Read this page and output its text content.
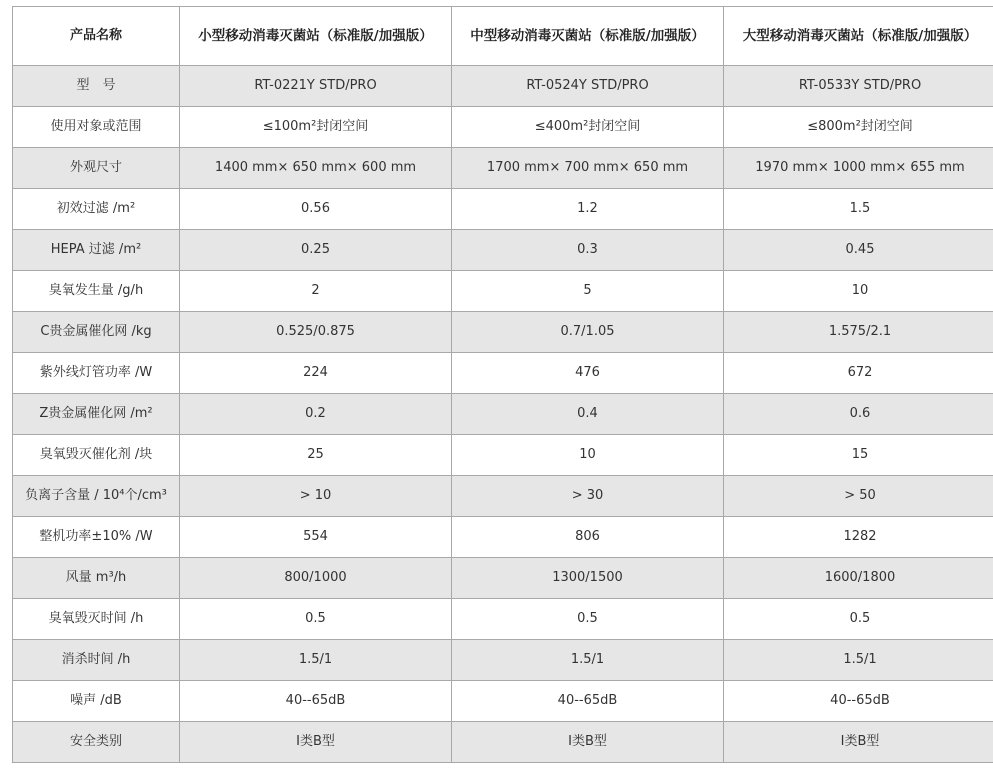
产品名称	小型移动消毒灭菌站（标准版/加强版）	中型移动消毒灭菌站（标准版/加强版）	大型移动消毒灭菌站（标准版/加强版）
型　号	RT-0221Y STD/PRO	RT-0524Y STD/PRO	RT-0533Y STD/PRO
使用对象或范围	≤100m²封闭空间	≤400m²封闭空间	≤800m²封闭空间
外观尺寸	1400 mm× 650 mm× 600 mm	1700 mm× 700 mm× 650 mm	1970 mm× 1000 mm× 655 mm
初效过滤 /m²	0.56	1.2	1.5
HEPA 过滤 /m²	0.25	0.3	0.45
臭氧发生量 /g/h	2	5	10
C贵金属催化网 /kg	0.525/0.875	0.7/1.05	1.575/2.1
紫外线灯管功率 /W	224	476	672
Z贵金属催化网 /m²	0.2	0.4	0.6
臭氧毁灭催化剂 /块	25	10	15
负离子含量 / 10⁴个/cm³	> 10	> 30	> 50
整机功率±10% /W	554	806	1282
风量 m³/h	800/1000	1300/1500	1600/1800
臭氧毁灭时间 /h	0.5	0.5	0.5
消杀时间 /h	1.5/1	1.5/1	1.5/1
噪声 /dB	40--65dB	40--65dB	40--65dB
安全类别	I类B型	I类B型	I类B型
